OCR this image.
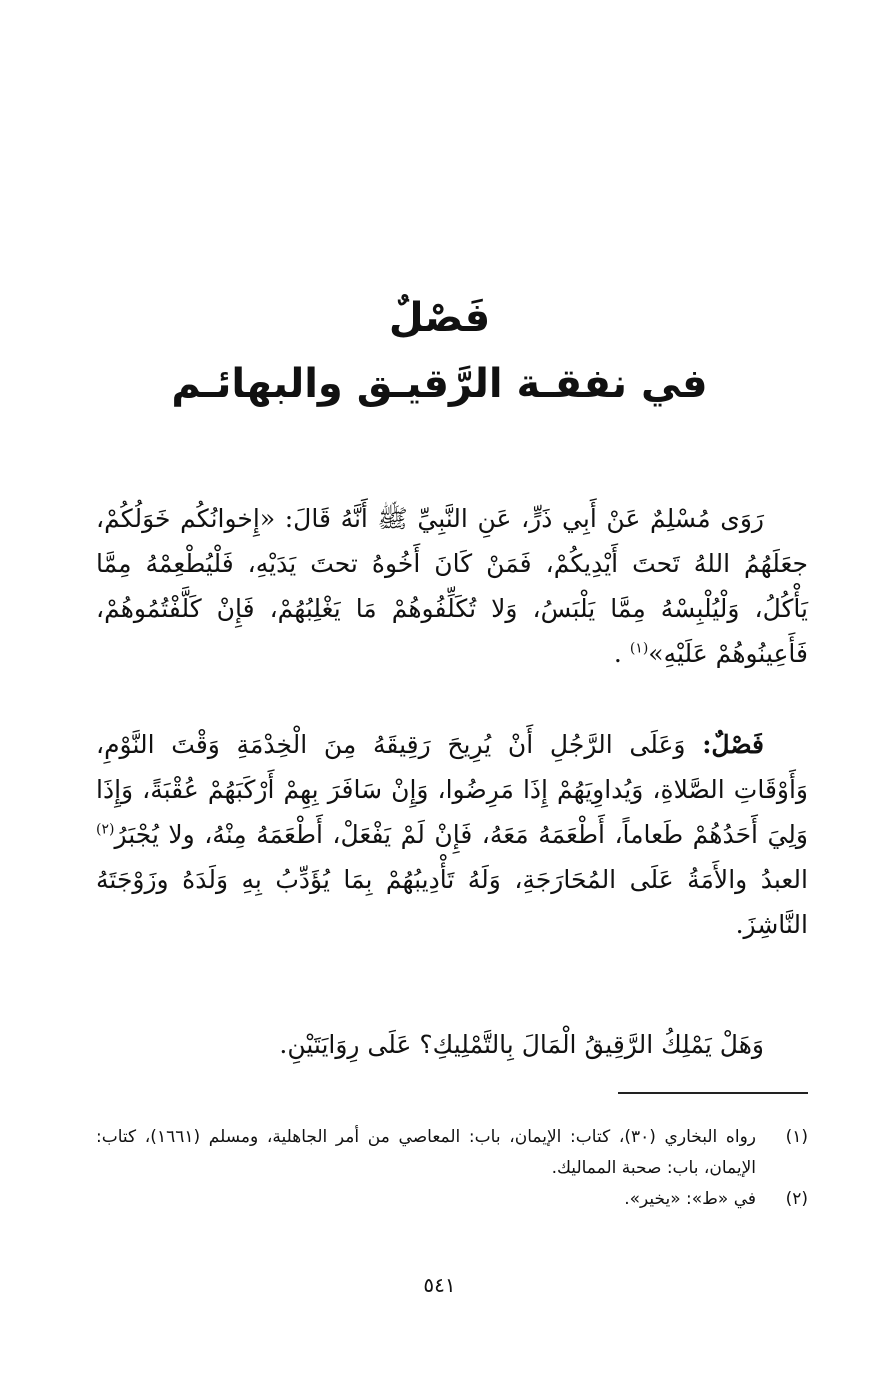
فَصْلٌ
في نفقـة الرَّقيـق والبهائـم
رَوَى مُسْلِمٌ عَنْ أَبِي ذَرٍّ، عَنِ النَّبِيِّ ﷺ أَنَّهُ قَالَ: «إِخوانُكُم خَوَلُكُمْ، جعَلَهُمُ اللهُ تَحتَ أَيْدِيكُمْ، فَمَنْ كَانَ أَخُوهُ تحتَ يَدَيْهِ، فَلْيُطْعِمْهُ مِمَّا يَأْكُلُ، وَلْيُلْبِسْهُ مِمَّا يَلْبَسُ، وَلا تُكَلِّفُوهُمْ مَا يَغْلِبُهُمْ، فَإِنْ كَلَّفْتُمُوهُمْ، فَأَعِينُوهُمْ عَلَيْهِ»$^{(١)}$ .
فَصْلٌ: وَعَلَى الرَّجُلِ أَنْ يُرِيحَ رَقِيقَهُ مِنَ الْخِدْمَةِ وَقْتَ النَّوْمِ، وَأَوْقَاتِ الصَّلاةِ، وَيُداوِيَهُمْ إِذَا مَرِضُوا، وَإِنْ سَافَرَ بِهِمْ أَرْكَبَهُمْ عُقْبَةً، وَإِذَا وَلِيَ أَحَدُهُمْ طَعاماً، أَطْعَمَهُ مَعَهُ، فَإِنْ لَمْ يَفْعَلْ، أَطْعَمَهُ مِنْهُ، ولا يُجْبَرُ$^{(٢)}$ العبدُ والأَمَةُ عَلَى المُحَارَجَةِ، وَلَهُ تَأْدِيبُهُمْ بِمَا يُؤَدِّبُ بِهِ وَلَدَهُ وزَوْجَتَهُ النَّاشِزَ.
وَهَلْ يَمْلِكُ الرَّقِيقُ الْمَالَ بِالتَّمْلِيكِ؟ عَلَى رِوَايَتَيْنِ.
(١)
رواه البخاري (٣٠)، كتاب: الإيمان، باب: المعاصي من أمر الجاهلية، ومسلم (١٦٦١)، كتاب: الإيمان، باب: صحبة المماليك.
(٢)
في «ط»: «يخير».
٥٤١
